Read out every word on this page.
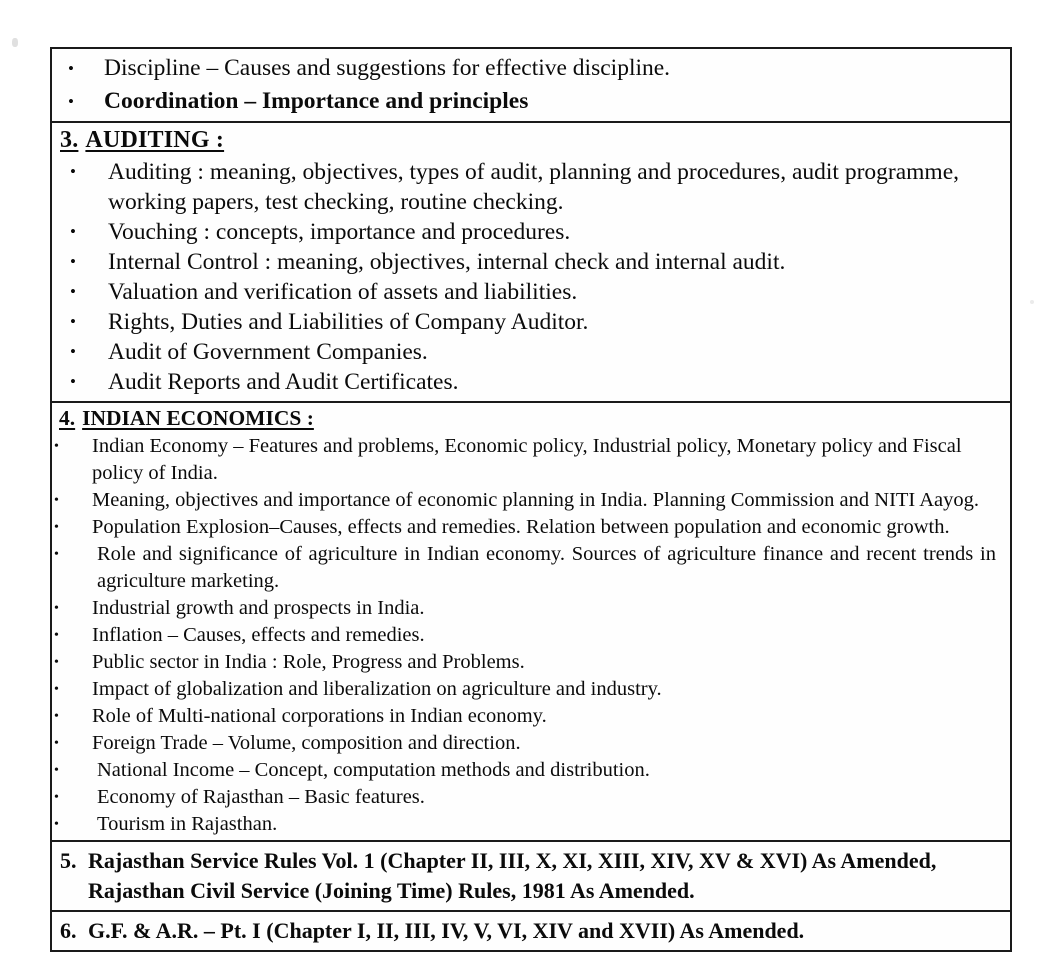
•	Discipline – Causes and suggestions for effective discipline.
•	Coordination – Importance and principles
3. AUDITING :
•	Auditing : meaning, objectives, types of audit, planning and procedures, audit programme, working papers, test checking, routine checking.
•	Vouching : concepts, importance and procedures.
•	Internal Control : meaning, objectives, internal check and internal audit.
•	Valuation and verification of assets and liabilities.
•	Rights, Duties and Liabilities of Company Auditor.
•	Audit of Government Companies.
•	Audit Reports and Audit Certificates.
4. INDIAN ECONOMICS :
•	Indian Economy – Features and problems, Economic policy, Industrial policy, Monetary policy and Fiscal policy of India.
•	Meaning, objectives and importance of economic planning in India. Planning Commission and NITI Aayog.
•	Population Explosion–Causes, effects and remedies. Relation between population and economic growth.
•	Role and significance of agriculture in Indian economy. Sources of agriculture finance and recent trends in agriculture marketing.
•	Industrial growth and prospects in India.
•	Inflation – Causes, effects and remedies.
•	Public sector in India : Role, Progress and Problems.
•	Impact of globalization and liberalization on agriculture and industry.
•	Role of Multi-national corporations in Indian economy.
•	Foreign Trade – Volume, composition and direction.
•	National Income – Concept, computation methods and distribution.
•	Economy of Rajasthan – Basic features.
•	Tourism in Rajasthan.
5. Rajasthan Service Rules Vol. 1 (Chapter II, III, X, XI, XIII, XIV, XV & XVI) As Amended, Rajasthan Civil Service (Joining Time) Rules, 1981 As Amended.
6. G.F. & A.R. – Pt. I (Chapter I, II, III, IV, V, VI, XIV and XVII) As Amended.
